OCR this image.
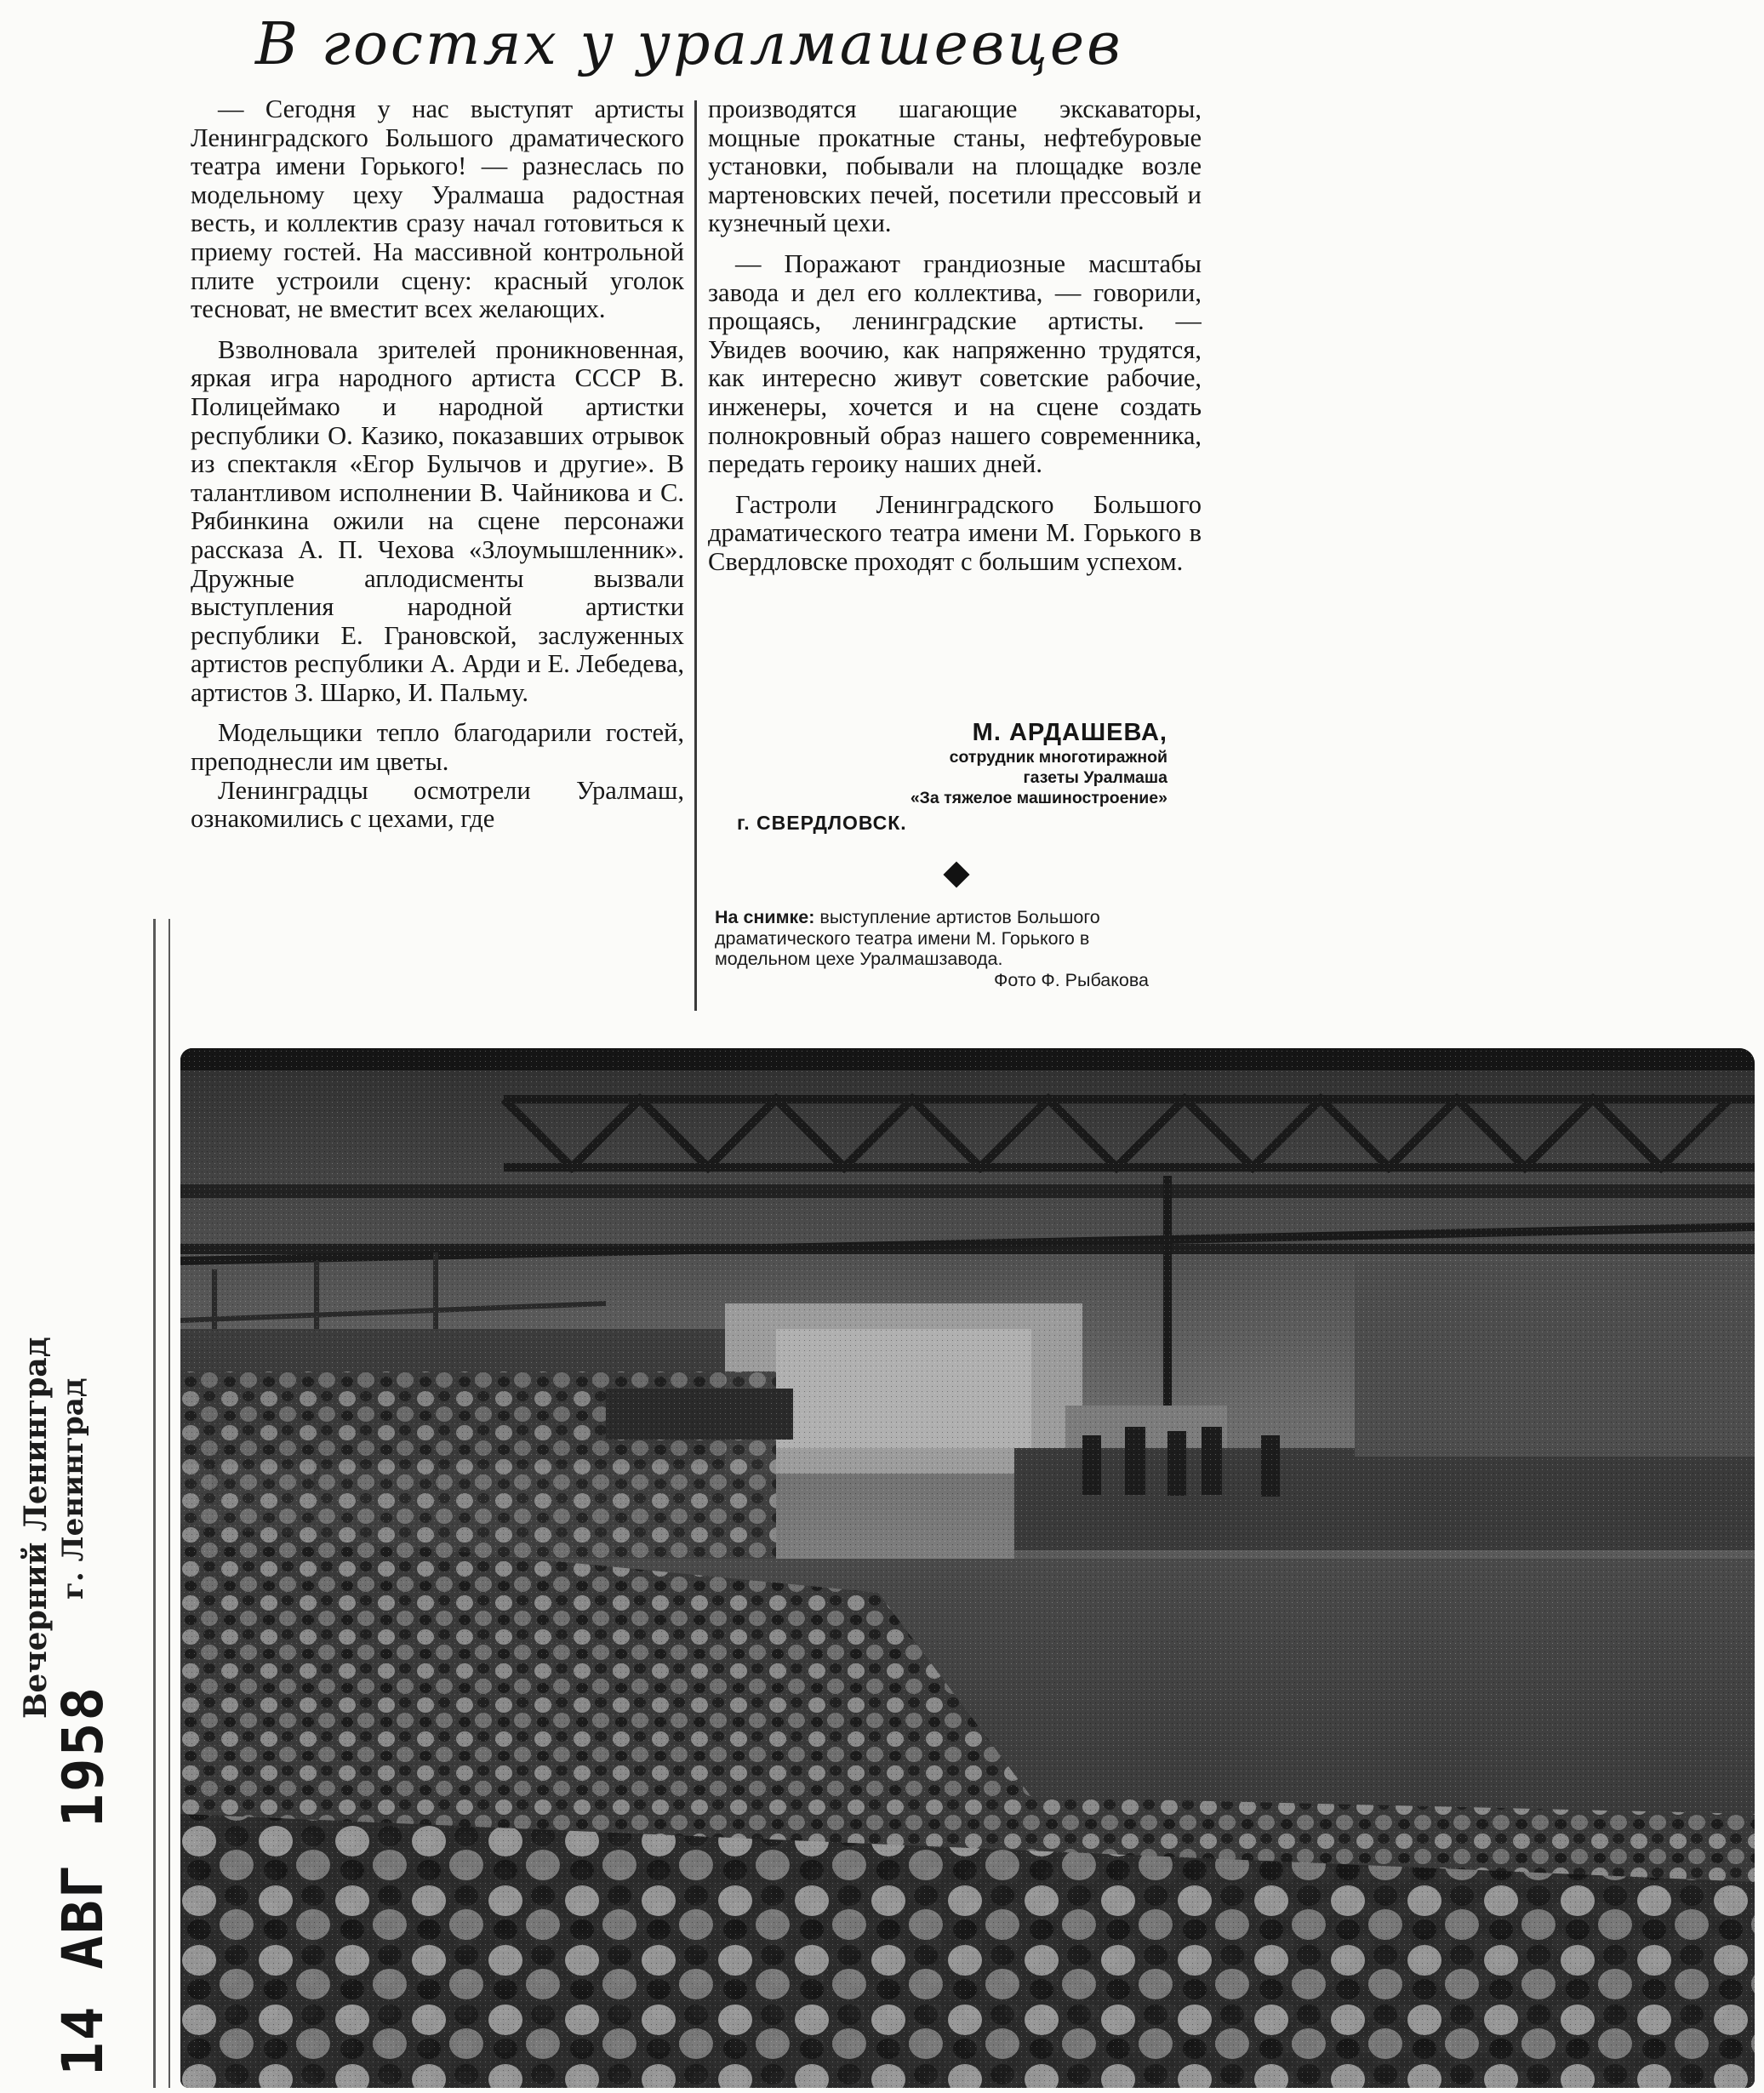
В гостях у уралмашевцев

— Сегодня у нас выступят артисты Ленинградского Большого драматического театра имени Горького! — разнеслась по модельному цеху Уралмаша радостная весть, и коллектив сразу начал готовиться к приему гостей. На массивной контрольной плите устроили сцену: красный уголок тесноват, не вместит всех желающих.

Взволновала зрителей проникновенная, яркая игра народного артиста СССР В. Полицеймако и народной артистки республики О. Казико, показавших отрывок из спектакля «Егор Булычов и другие». В талантливом исполнении В. Чайникова и С. Рябинкина ожили на сцене персонажи рассказа А. П. Чехова «Злоумышленник». Дружные аплодисменты вызвали выступления народной артистки республики Е. Грановской, заслуженных артистов республики А. Арди и Е. Лебедева, артистов З. Шарко, И. Пальму.

Модельщики тепло благодарили гостей, преподнесли им цветы.

Ленинградцы осмотрели Уралмаш, ознакомились с цехами, где

производятся шагающие экскаваторы, мощные прокатные станы, нефтебуровые установки, побывали на площадке возле мартеновских печей, посетили прессовый и кузнечный цехи.

— Поражают грандиозные масштабы завода и дел его коллектива, — говорили, прощаясь, ленинградские артисты. — Увидев воочию, как напряженно трудятся, как интересно живут советские рабочие, инженеры, хочется и на сцене создать полнокровный образ нашего современника, передать героику наших дней.

Гастроли Ленинградского Большого драматического театра имени М. Горького в Свердловске проходят с большим успехом.

М. АРДАШЕВА,
сотрудник многотиражной
газеты Уралмаша
«За тяжелое машиностроение»
г. СВЕРДЛОВСК.
На снимке: выступление артистов Большого драматического театра имени М. Горького в модельном цехе Уралмашзавода.
Фото Ф. Рыбакова
14 АВГ 1958
Вечерний Ленинград г. Ленинград
